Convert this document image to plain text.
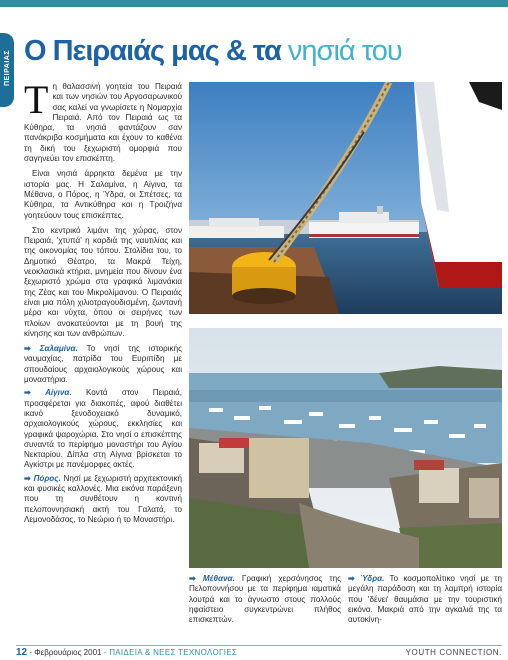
ΠΕΙΡΑΙΑΣ Ο Πειραιάς μας & τα νησιά του

Τη θαλασσινή γοητεία του Πειραιά και των νησιών του Αργοσαρωνικού σας καλεί να γνωρίσετε η Νομαρχία Πειραιά. Από τον Πειραιά ως τα Κύθηρα, τα νησιά φαντάζουν σαν πανάκριβα κοσμήματα και έχουν το καθένα τη δική του ξεχωριστή ομορφιά που σαγηνεύει τον επισκέπτη.

Είναι νησιά άρρηκτα δεμένα με την ιστορία μας. Η Σαλαμίνα, η Αίγινα, τα Μέθανα, ο Πόρος, η Ύδρα, οι Σπέτσες, τα Κύθηρα, τα Αντικύθηρα και η Τροιζήνα γοητεύουν τους επισκέπτες.

Στο κεντρικό λιμάνι της χώρας, στον Πειραιά, 'χτυπά' η καρδιά της ναυτιλίας και της οικονομίας του τόπου. Στολίδια του, το Δημοτικό Θέατρο, τα Μακρά Τείχη, νεοκλασικά κτήρια, μνημεία που δίνουν ένα ξεχωριστό χρώμα στα γραφικά λιμανάκια της Ζέας και του Μικρολίμανου. Ο Πειραιάς είναι μια πόλη χιλιοτραγουδισμένη, ζωντανή μέρα και νύχτα, όπου οι σειρήνες των πλοίων ανακατεύονται με τη βουή της κίνησης και των ανθρώπων.

➡ Σαλαμίνα. Το νησί της ιστορικής ναυμαχίας, πατρίδα του Ευριπίδη με σπουδαίους αρχαιολογικούς χώρους και μοναστήρια.

➡ Αίγινα. Κοντά στον Πειραιά, προσφέρεται για διακοπές, αφού διαθέτει ικανό ξενοδοχειακό δυναμικό, αρχαιολογικούς χώρους, εκκλησίες και γραφικά ψαροχώρια. Στο νησί ο επισκέπτης συναντά το περίφημο μοναστήρι του Αγίου Νεκταρίου. Δίπλα στη Αίγινα βρίσκεται το Αγκίστρι με πανέμορφες ακτές.

➡ Πόρος. Νησί με ξεχωριστή αρχιτεκτονική και φυσικές καλλονές. Μια εικόνα παράξενη που τη συνθέτουν η κοντινή πελοποννησιακή ακτή του Γαλατά, το Λεμονοδάσος, το Νεώριο ή το Μοναστήρι.

➡ Μέθανα. Γραφική χερσόνησος της Πελοποννήσου με τα περίφημα ιαματικά λουτρά και το άγνωστο στους πολλούς ηφαίστειο συγκεντρώνει πλήθος επισκεπτών.

➡ Ύδρα. Το κοσμοπολίτικο νησί με τη μεγάλη παράδοση και τη λαμπρή ιστορία που 'δένει' θαυμάσια με την τουριστική εικόνα. Μακριά από την αγκαλιά της τα αυτοκίνη-

12 - Φεβρουάριος 2001 - ΠΑΙΔΕΙΑ & ΝΕΕΣ ΤΕΧΝΟΛΟΓΙΕΣ	YOUTH CONNECTION.
